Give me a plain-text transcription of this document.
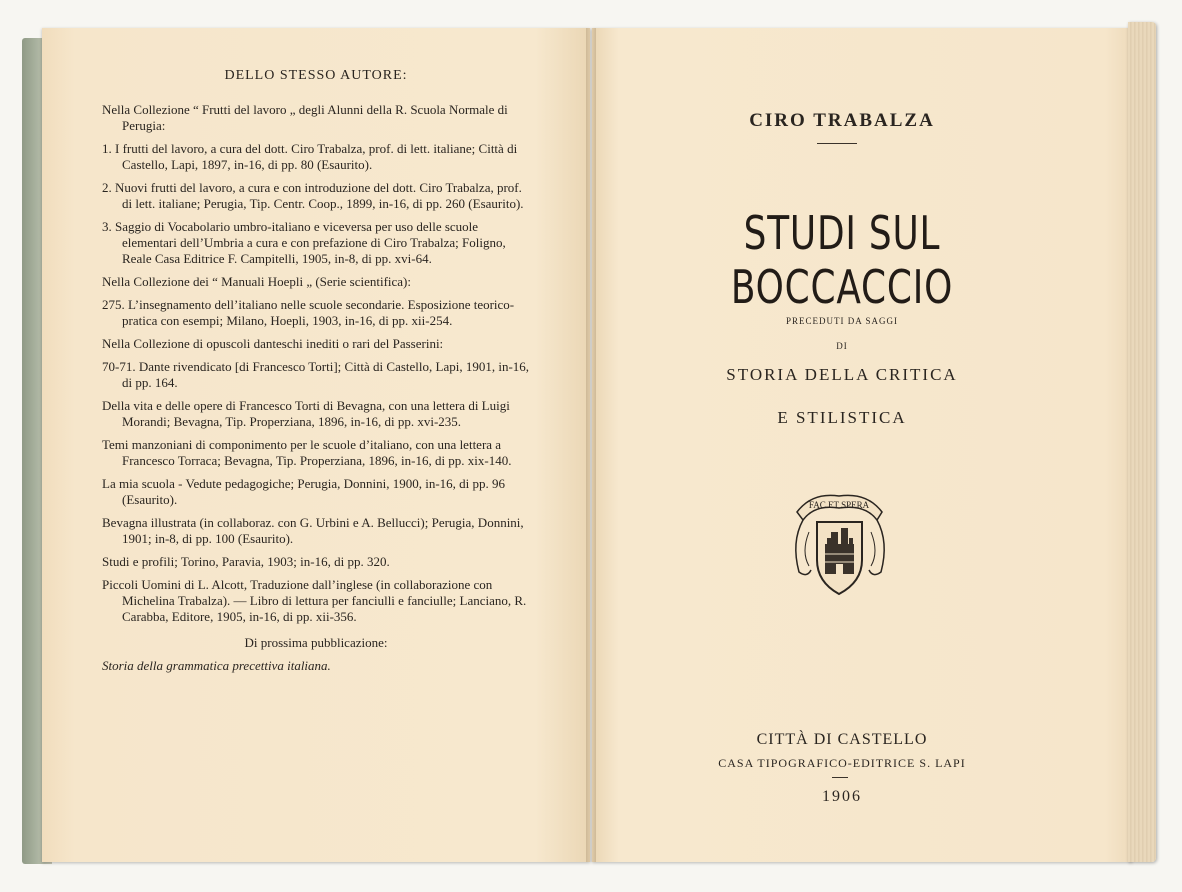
DELLO STESSO AUTORE:
Nella Collezione “ Frutti del lavoro „ degli Alunni della R. Scuola Normale di Perugia:
1. I frutti del lavoro, a cura del dott. Ciro Trabalza, prof. di lett. italiane; Città di Castello, Lapi, 1897, in-16, di pp. 80 (Esaurito).
2. Nuovi frutti del lavoro, a cura e con introduzione del dott. Ciro Trabalza, prof. di lett. italiane; Perugia, Tip. Centr. Coop., 1899, in-16, di pp. 260 (Esaurito).
3. Saggio di Vocabolario umbro-italiano e viceversa per uso delle scuole elementari dell’Umbria a cura e con prefazione di Ciro Trabalza; Foligno, Reale Casa Editrice F. Campitelli, 1905, in-8, di pp. xvi-64.
Nella Collezione dei “ Manuali Hoepli „ (Serie scientifica):
275. L’insegnamento dell’italiano nelle scuole secondarie. Esposizione teorico-pratica con esempi; Milano, Hoepli, 1903, in-16, di pp. xii-254.
Nella Collezione di opuscoli danteschi inediti o rari del Passerini:
70-71. Dante rivendicato [di Francesco Torti]; Città di Castello, Lapi, 1901, in-16, di pp. 164.
Della vita e delle opere di Francesco Torti di Bevagna, con una lettera di Luigi Morandi; Bevagna, Tip. Properziana, 1896, in-16, di pp. xvi-235.
Temi manzoniani di componimento per le scuole d’italiano, con una lettera a Francesco Torraca; Bevagna, Tip. Properziana, 1896, in-16, di pp. xix-140.
La mia scuola - Vedute pedagogiche; Perugia, Donnini, 1900, in-16, di pp. 96 (Esaurito).
Bevagna illustrata (in collaboraz. con G. Urbini e A. Bellucci); Perugia, Donnini, 1901; in-8, di pp. 100 (Esaurito).
Studi e profili; Torino, Paravia, 1903; in-16, di pp. 320.
Piccoli Uomini di L. Alcott, Traduzione dall’inglese (in collaborazione con Michelina Trabalza). — Libro di lettura per fanciulli e fanciulle; Lanciano, R. Carabba, Editore, 1905, in-16, di pp. xii-356.
Di prossima pubblicazione:
Storia della grammatica precettiva italiana.
CIRO TRABALZA
STUDI SUL BOCCACCIO
PRECEDUTI DA SAGGI
DI
STORIA DELLA CRITICA
E STILISTICA
FAC ET SPERA
CITTÀ DI CASTELLO
CASA TIPOGRAFICO-EDITRICE S. LAPI
1906
